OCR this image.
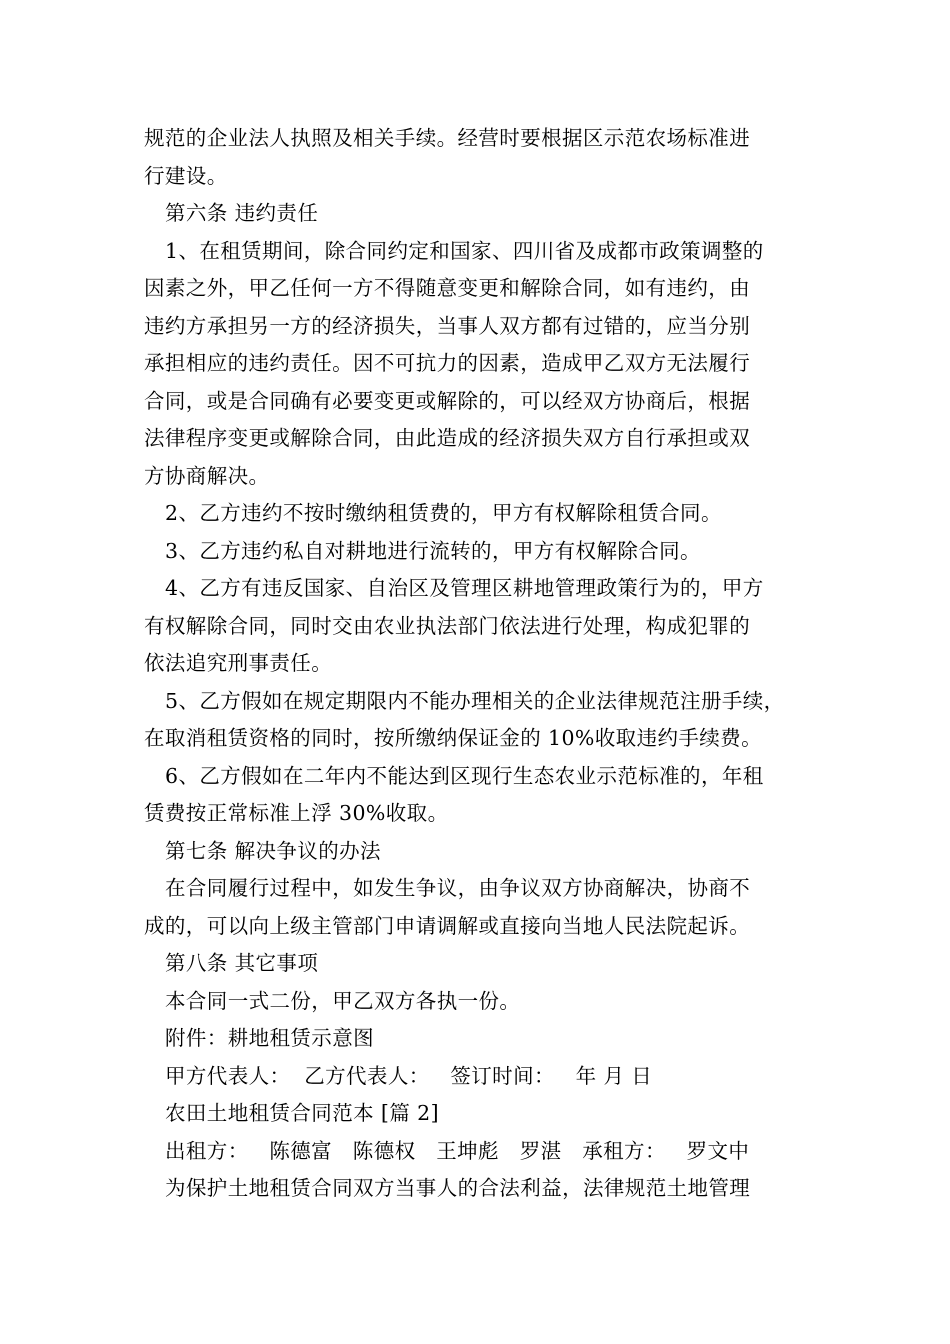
规范的企业法人执照及相关手续。经营时要根据区示范农场标准进
行建设。
第六条 违约责任
1、在租赁期间，除合同约定和国家、四川省及成都市政策调整的
因素之外，甲乙任何一方不得随意变更和解除合同，如有违约，由
违约方承担另一方的经济损失，当事人双方都有过错的，应当分别
承担相应的违约责任。因不可抗力的因素，造成甲乙双方无法履行
合同，或是合同确有必要变更或解除的，可以经双方协商后，根据
法律程序变更或解除合同，由此造成的经济损失双方自行承担或双
方协商解决。
2、乙方违约不按时缴纳租赁费的，甲方有权解除租赁合同。
3、乙方违约私自对耕地进行流转的，甲方有权解除合同。
4、乙方有违反国家、自治区及管理区耕地管理政策行为的，甲方
有权解除合同，同时交由农业执法部门依法进行处理，构成犯罪的
依法追究刑事责任。
5、乙方假如在规定期限内不能办理相关的企业法律规范注册手续，
在取消租赁资格的同时，按所缴纳保证金的 10%收取违约手续费。
6、乙方假如在二年内不能达到区现行生态农业示范标准的，年租
赁费按正常标准上浮 30%收取。
第七条 解决争议的办法
在合同履行过程中，如发生争议，由争议双方协商解决，协商不
成的，可以向上级主管部门申请调解或直接向当地人民法院起诉。
第八条 其它事项
本合同一式二份，甲乙双方各执一份。
附件：耕地租赁示意图
甲方代表人：  乙方代表人：   签订时间：   年 月 日
农田土地租赁合同范本 [篇 2]
出租方：   陈德富   陈德权   王坤彪   罗湛   承租方：   罗文中
为保护土地租赁合同双方当事人的合法利益，法律规范土地管理
